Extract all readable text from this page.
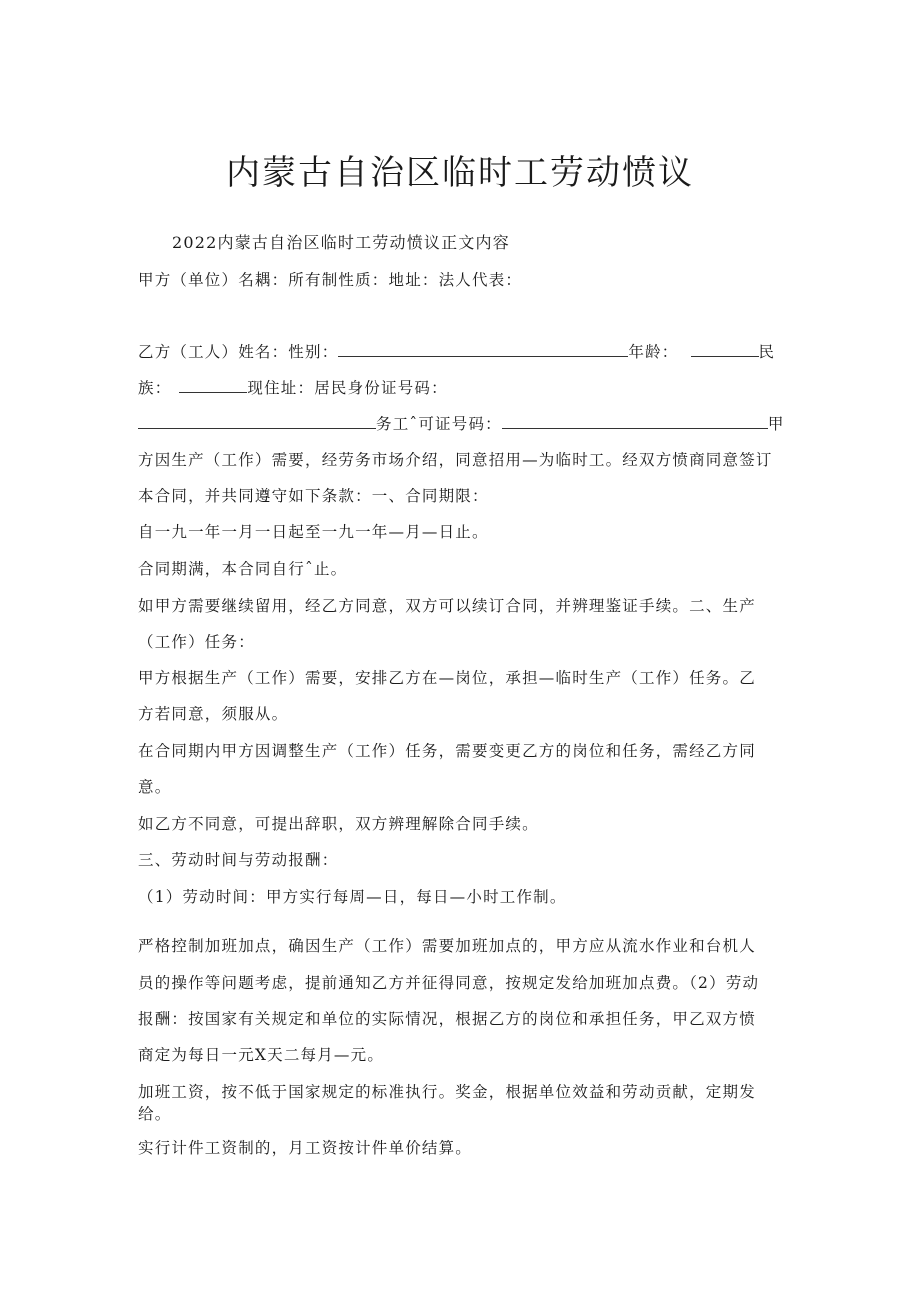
内蒙古自治区临时工劳动愤议
2022内蒙古自治区临时工劳动愤议正文内容
甲方（单位）名耦：所有制性质：地址：法人代表：
乙方（工人）姓名：性别：	年龄：	民
族：	现住址：居民身份证号码：
务工ˆ可证号码：	甲
方因生产（工作）需要，经劳务市场介绍，同意招用—为临时工。经双方愤商同意签订
本合同，并共同遵守如下条款：一、合同期限：
自一九一年一月一日起至一九一年—月—日止。
合同期满，本合同自行ˆ止。
如甲方需要继续留用，经乙方同意，双方可以续订合同，并辨理鉴证手续。二、生产
（工作）任务：
甲方根据生产（工作）需要，安排乙方在—岗位，承担—临时生产（工作）任务。乙
方若同意，须服从。
在合同期内甲方因调整生产（工作）任务，需要变更乙方的岗位和任务，需经乙方同
意。
如乙方不同意，可提出辞职，双方辨理解除合同手续。
三、劳动时间与劳动报酬：
（1）劳动时间：甲方实行每周—日，每日—小时工作制。
严格控制加班加点，确因生产（工作）需要加班加点的，甲方应从流水作业和台机人
员的操作等问题考虑，提前通知乙方并征得同意，按规定发给加班加点费。（2）劳动
报酬：按国家有关规定和单位的实际情况，根据乙方的岗位和承担任务，甲乙双方愤
商定为每日一元X天二每月—元。
加班工资，按不低于国家规定的标准执行。奖金，根据单位效益和劳动贡献，定期发
给。
实行计件工资制的，月工资按计件单价结算。
